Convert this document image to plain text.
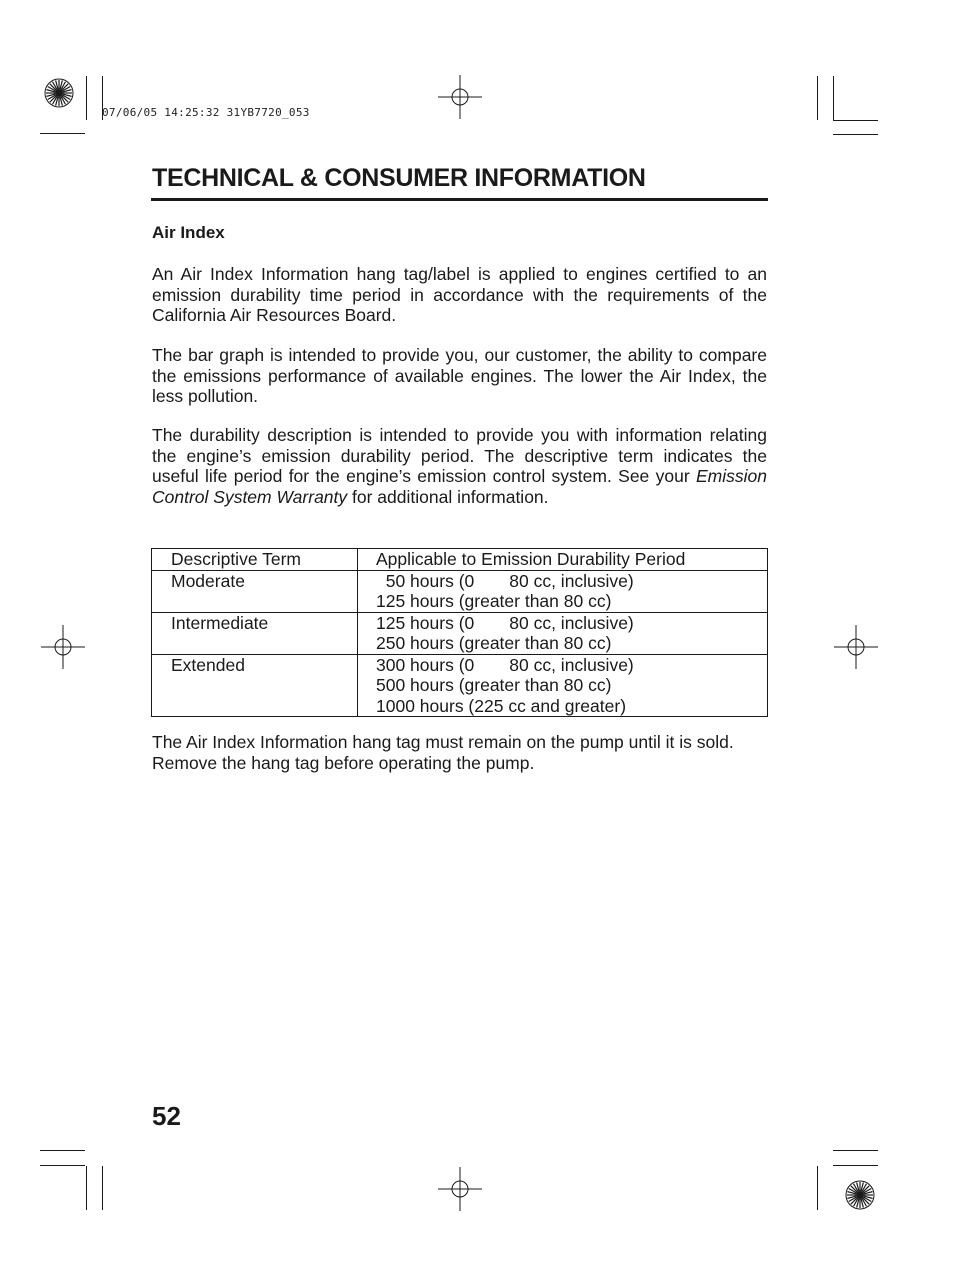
07/06/05 14:25:32 31YB7720_053
TECHNICAL & CONSUMER INFORMATION
Air Index

An Air Index Information hang tag/label is applied to engines certified to an emission durability time period in accordance with the requirements of the California Air Resources Board.

The bar graph is intended to provide you, our customer, the ability to compare the emissions performance of available engines. The lower the Air Index, the less pollution.

The durability description is intended to provide you with information relating the engine’s emission durability period. The descriptive term indicates the useful life period for the engine’s emission control system. See your Emission Control System Warranty for additional information.

Descriptive Term	Applicable to Emission Durability Period
Moderate	50 hours (0  80 cc, inclusive)
125 hours (greater than 80 cc)

Intermediate	125 hours (0  80 cc, inclusive)
250 hours (greater than 80 cc)

Extended	300 hours (0  80 cc, inclusive)
500 hours (greater than 80 cc)
1000 hours (225 cc and greater)

The Air Index Information hang tag must remain on the pump until it is sold. Remove the hang tag before operating the pump.

52
